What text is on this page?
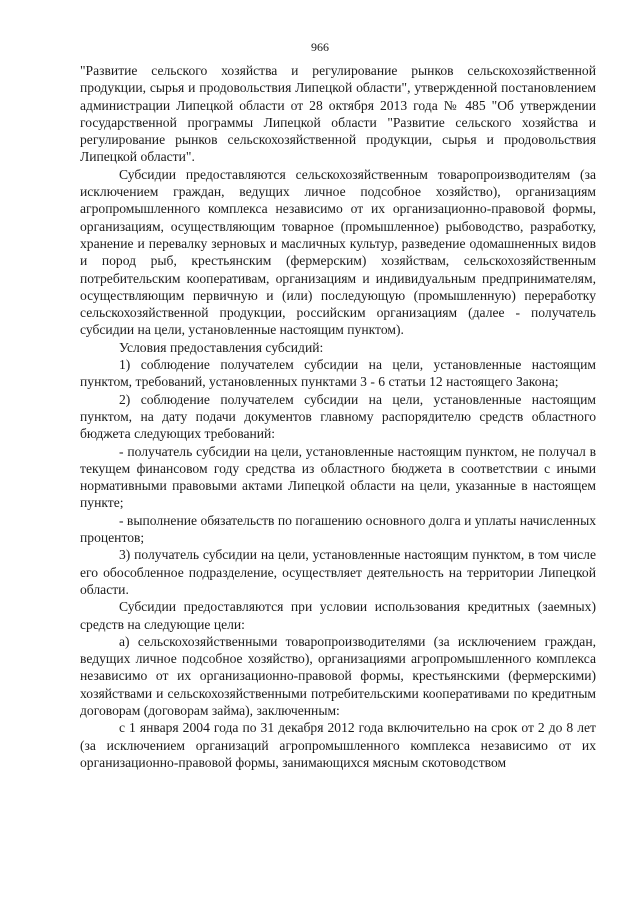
966

"Развитие сельского хозяйства и регулирование рынков сельскохозяйственной продукции, сырья и продовольствия Липецкой области", утвержденной постановлением администрации Липецкой области от 28 октября 2013 года № 485 "Об утверждении государственной программы Липецкой области "Развитие сельского хозяйства и регулирование рынков сельскохозяйственной продукции, сырья и продовольствия Липецкой области".

Субсидии предоставляются сельскохозяйственным товаропроизводителям (за исключением граждан, ведущих личное подсобное хозяйство), организациям агропромышленного комплекса независимо от их организационно-правовой формы, организациям, осуществляющим товарное (промышленное) рыбоводство, разработку, хранение и перевалку зерновых и масличных культур, разведение одомашненных видов и пород рыб, крестьянским (фермерским) хозяйствам, сельскохозяйственным потребительским кооперативам, организациям и индивидуальным предпринимателям, осуществляющим первичную и (или) последующую (промышленную) переработку сельскохозяйственной продукции, российским организациям (далее - получатель субсидии на цели, установленные настоящим пунктом).

Условия предоставления субсидий:

1) соблюдение получателем субсидии на цели, установленные настоящим пунктом, требований, установленных пунктами 3 - 6 статьи 12 настоящего Закона;

2) соблюдение получателем субсидии на цели, установленные настоящим пунктом, на дату подачи документов главному распорядителю средств областного бюджета следующих требований:

- получатель субсидии на цели, установленные настоящим пунктом, не получал в текущем финансовом году средства из областного бюджета в соответствии с иными нормативными правовыми актами Липецкой области на цели, указанные в настоящем пункте;

- выполнение обязательств по погашению основного долга и уплаты начисленных процентов;

3) получатель субсидии на цели, установленные настоящим пунктом, в том числе его обособленное подразделение, осуществляет деятельность на территории Липецкой области.

Субсидии предоставляются при условии использования кредитных (заемных) средств на следующие цели:

а) сельскохозяйственными товаропроизводителями (за исключением граждан, ведущих личное подсобное хозяйство), организациями агропромышленного комплекса независимо от их организационно-правовой формы, крестьянскими (фермерскими) хозяйствами и сельскохозяйственными потребительскими кооперативами по кредитным договорам (договорам займа), заключенным:

с 1 января 2004 года по 31 декабря 2012 года включительно на срок от 2 до 8 лет (за исключением организаций агропромышленного комплекса независимо от их организационно-правовой формы, занимающихся мясным скотоводством
